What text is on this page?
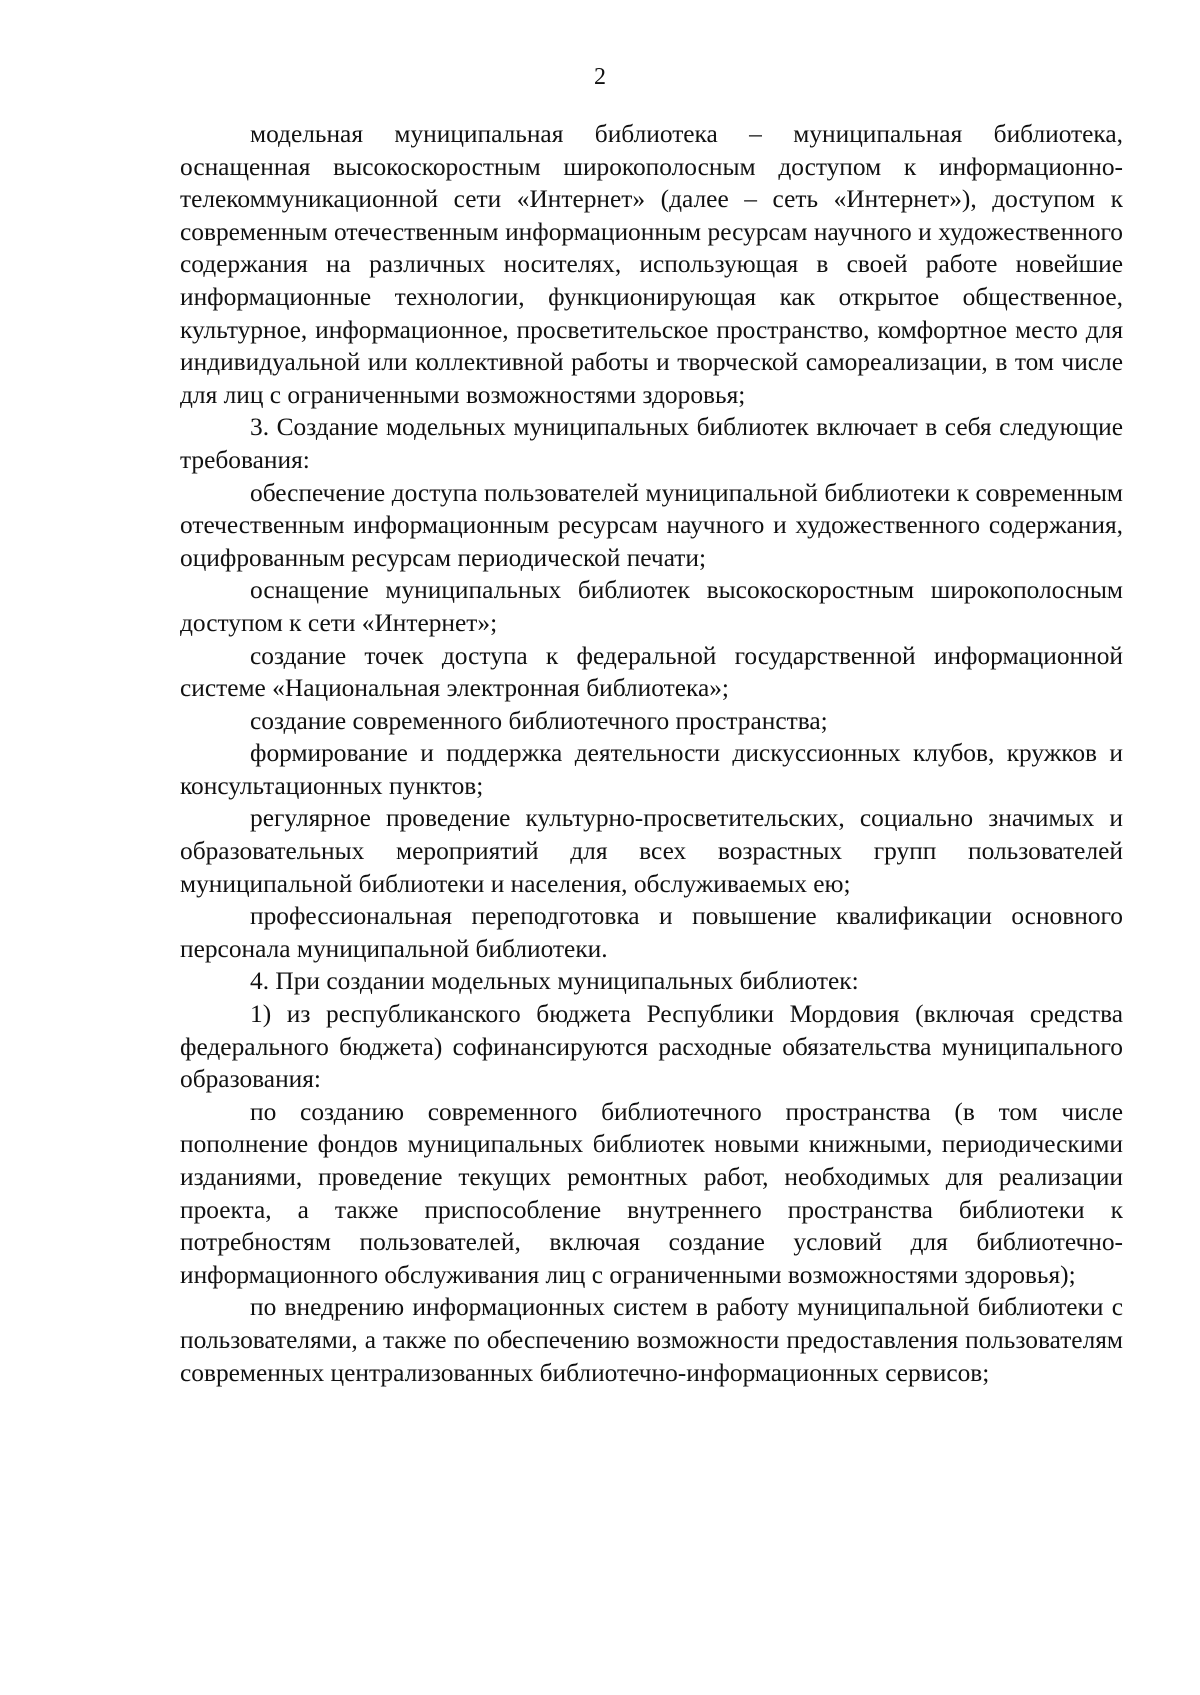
2

модельная муниципальная библиотека – муниципальная библиотека, оснащенная высокоскоростным широкополосным доступом к информационно-телекоммуникационной сети «Интернет» (далее – сеть «Интернет»), доступом к современным отечественным информационным ресурсам научного и художественного содержания на различных носителях, использующая в своей работе новейшие информационные технологии, функционирующая как открытое общественное, культурное, информационное, просветительское пространство, комфортное место для индивидуальной или коллективной работы и творческой самореализации, в том числе для лиц с ограниченными возможностями здоровья;

3. Создание модельных муниципальных библиотек включает в себя следующие требования:

обеспечение доступа пользователей муниципальной библиотеки к современным отечественным информационным ресурсам научного и художественного содержания, оцифрованным ресурсам периодической печати;

оснащение муниципальных библиотек высокоскоростным широкополосным доступом к сети «Интернет»;

создание точек доступа к федеральной государственной информационной системе «Национальная электронная библиотека»;

создание современного библиотечного пространства;

формирование и поддержка деятельности дискуссионных клубов, кружков и консультационных пунктов;

регулярное проведение культурно-просветительских, социально значимых и образовательных мероприятий для всех возрастных групп пользователей муниципальной библиотеки и населения, обслуживаемых ею;

профессиональная переподготовка и повышение квалификации основного персонала муниципальной библиотеки.

4. При создании модельных муниципальных библиотек:

1) из республиканского бюджета Республики Мордовия (включая средства федерального бюджета) софинансируются расходные обязательства муниципального образования:

по созданию современного библиотечного пространства (в том числе пополнение фондов муниципальных библиотек новыми книжными, периодическими изданиями, проведение текущих ремонтных работ, необходимых для реализации проекта, а также приспособление внутреннего пространства библиотеки к потребностям пользователей, включая создание условий для библиотечно-информационного обслуживания лиц с ограниченными возможностями здоровья);

по внедрению информационных систем в работу муниципальной библиотеки с пользователями, а также по обеспечению возможности предоставления пользователям современных централизованных библиотечно-информационных сервисов;
